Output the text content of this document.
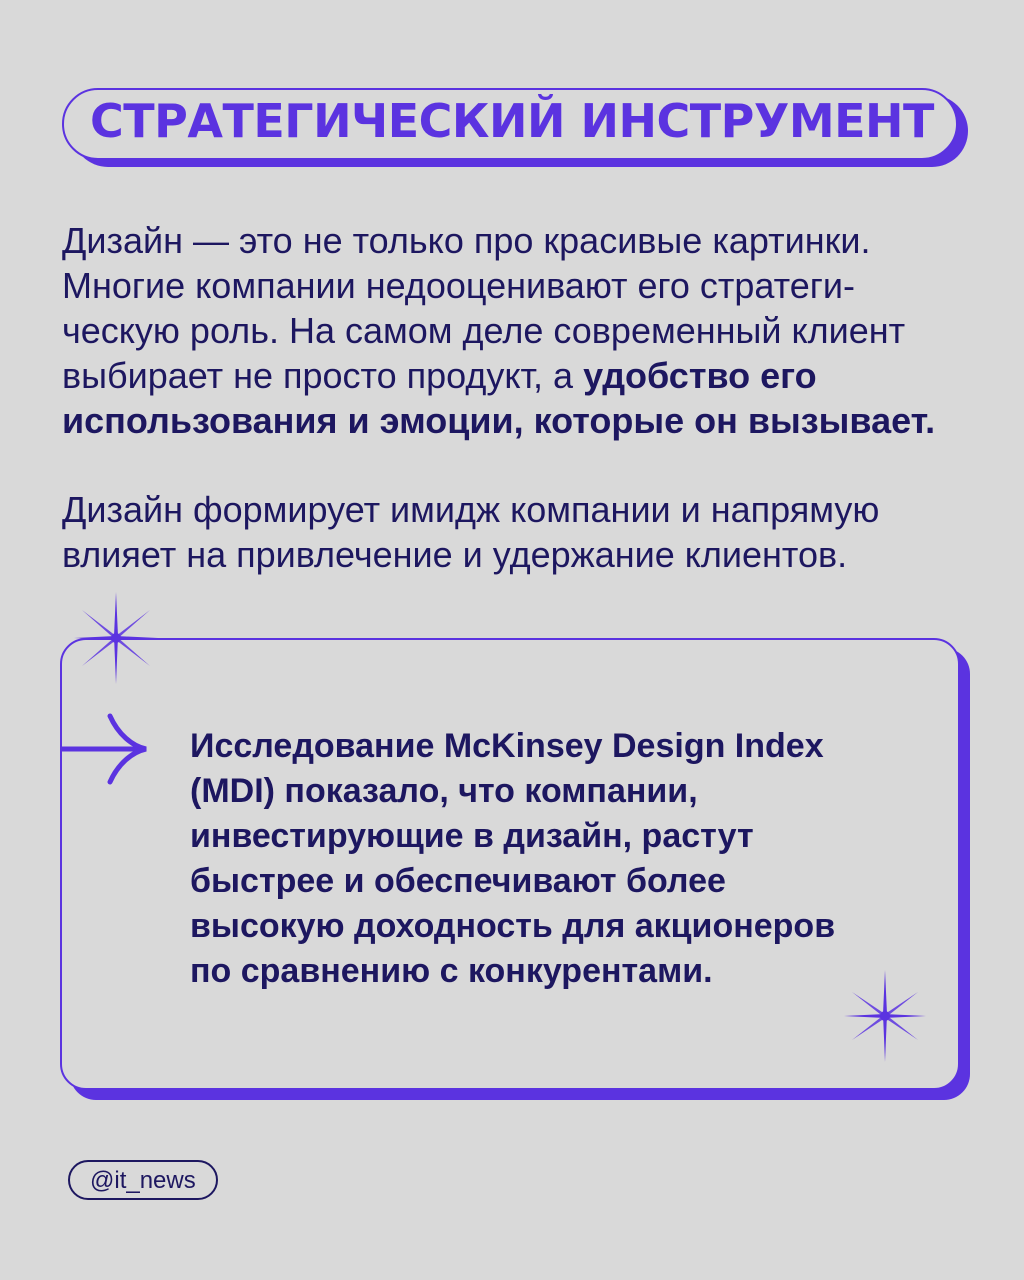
СТРАТЕГИЧЕСКИЙ ИНСТРУМЕНТ
Дизайн — это не только про красивые картинки.
Многие компании недооценивают его стратеги-
ческую роль. На самом деле современный клиент
выбирает не просто продукт, а удобство его
использования и эмоции, которые он вызывает.
Дизайн формирует имидж компании и напрямую
влияет на привлечение и удержание клиентов.
Исследование McKinsey Design Index
(MDI) показало, что компании,
инвестирующие в дизайн, растут
быстрее и обеспечивают более
высокую доходность для акционеров
по сравнению с конкурентами.
@it_news
